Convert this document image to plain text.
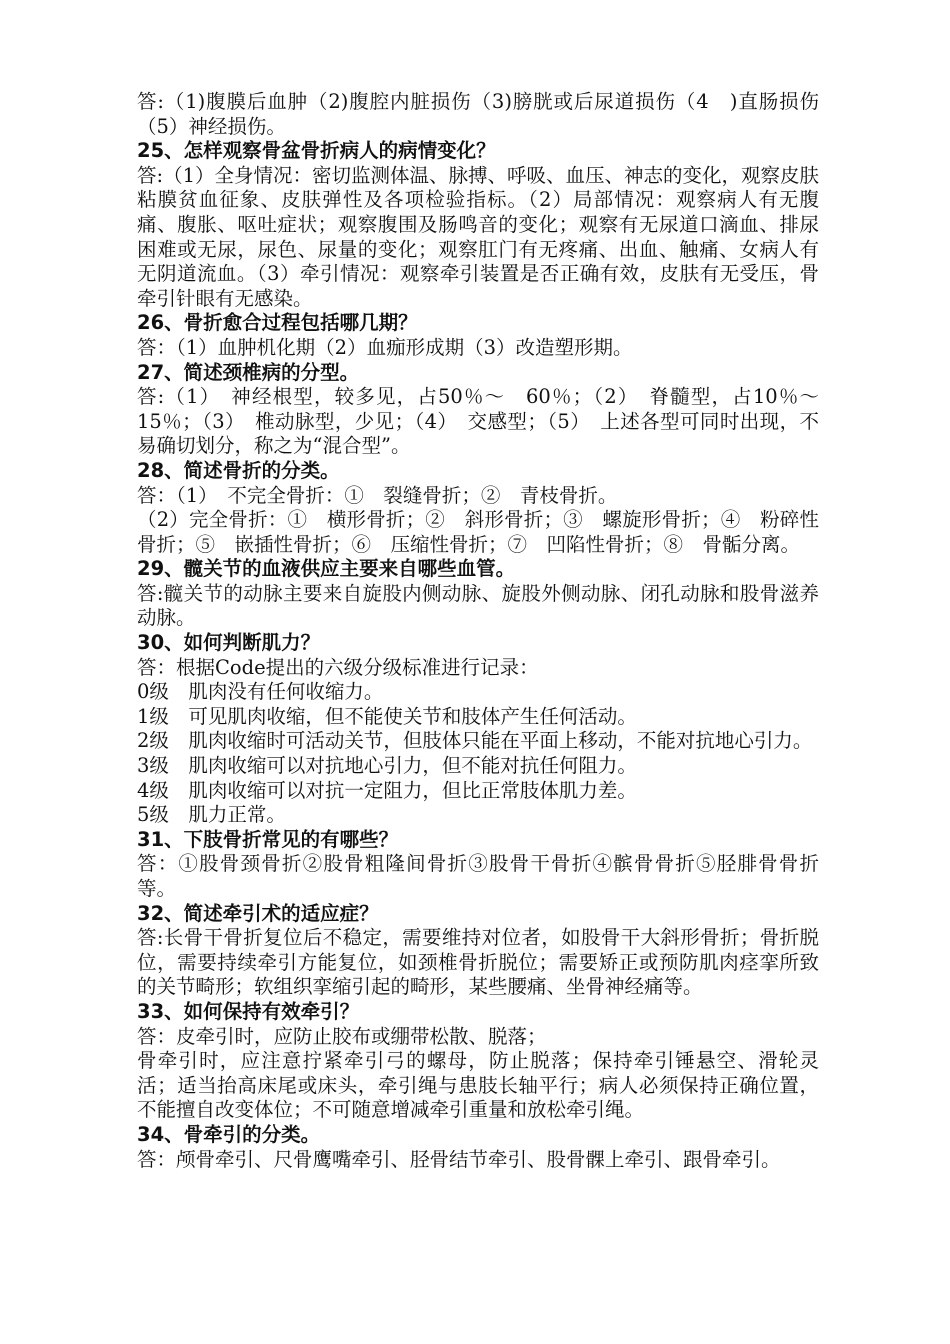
答:（1)腹膜后血肿（2)腹腔内脏损伤（3)膀胱或后尿道损伤（4　)直肠损伤（5）神经损伤。
25、怎样观察骨盆骨折病人的病情变化？
答:（1）全身情况：密切监测体温、脉搏、呼吸、血压、神志的变化，观察皮肤粘膜贫血征象、皮肤弹性及各项检验指标。（2）局部情况：观察病人有无腹痛、腹胀、呕吐症状；观察腹围及肠鸣音的变化；观察有无尿道口滴血、排尿困难或无尿，尿色、尿量的变化；观察肛门有无疼痛、出血、触痛、女病人有无阴道流血。（3）牵引情况：观察牵引装置是否正确有效，皮肤有无受压，骨牵引针眼有无感染。
26、骨折愈合过程包括哪几期？
答：（1）血肿机化期（2）血痂形成期（3）改造塑形期。
27、简述颈椎病的分型。
答:（1）　神经根型，较多见，占50％～　60％；（2）　脊髓型，占10％～15％；（3）　椎动脉型，少见；（4）　交感型；（5）　上述各型可同时出现，不易确切划分，称之为“混合型”。
28、简述骨折的分类。
答：（1）　不完全骨折：①　裂缝骨折；②　青枝骨折。
（2）完全骨折：①　横形骨折；②　斜形骨折；③　螺旋形骨折；④　粉碎性骨折；⑤　嵌插性骨折；⑥　压缩性骨折；⑦　凹陷性骨折；⑧　骨骺分离。
29、髋关节的血液供应主要来自哪些血管。
答:髋关节的动脉主要来自旋股内侧动脉、旋股外侧动脉、闭孔动脉和股骨滋养动脉。
30、如何判断肌力？
答：根据Code提出的六级分级标准进行记录：
0级　肌肉没有任何收缩力。
1级　可见肌肉收缩，但不能使关节和肢体产生任何活动。
2级　肌肉收缩时可活动关节，但肢体只能在平面上移动，不能对抗地心引力。
3级　肌肉收缩可以对抗地心引力，但不能对抗任何阻力。
4级　肌肉收缩可以对抗一定阻力，但比正常肢体肌力差。
5级　肌力正常。
31、下肢骨折常见的有哪些？
答：①股骨颈骨折②股骨粗隆间骨折③股骨干骨折④髌骨骨折⑤胫腓骨骨折等。
32、简述牵引术的适应症？
答:长骨干骨折复位后不稳定，需要维持对位者，如股骨干大斜形骨折；骨折脱位，需要持续牵引方能复位，如颈椎骨折脱位；需要矫正或预防肌肉痉挛所致的关节畸形；软组织挛缩引起的畸形，某些腰痛、坐骨神经痛等。
33、如何保持有效牵引？
答：皮牵引时，应防止胶布或绷带松散、脱落；
骨牵引时，应注意拧紧牵引弓的螺母，防止脱落；保持牵引锤悬空、滑轮灵活；适当抬高床尾或床头，牵引绳与患肢长轴平行；病人必须保持正确位置，不能擅自改变体位；不可随意增减牵引重量和放松牵引绳。
34、骨牵引的分类。
答：颅骨牵引、尺骨鹰嘴牵引、胫骨结节牵引、股骨髁上牵引、跟骨牵引。
